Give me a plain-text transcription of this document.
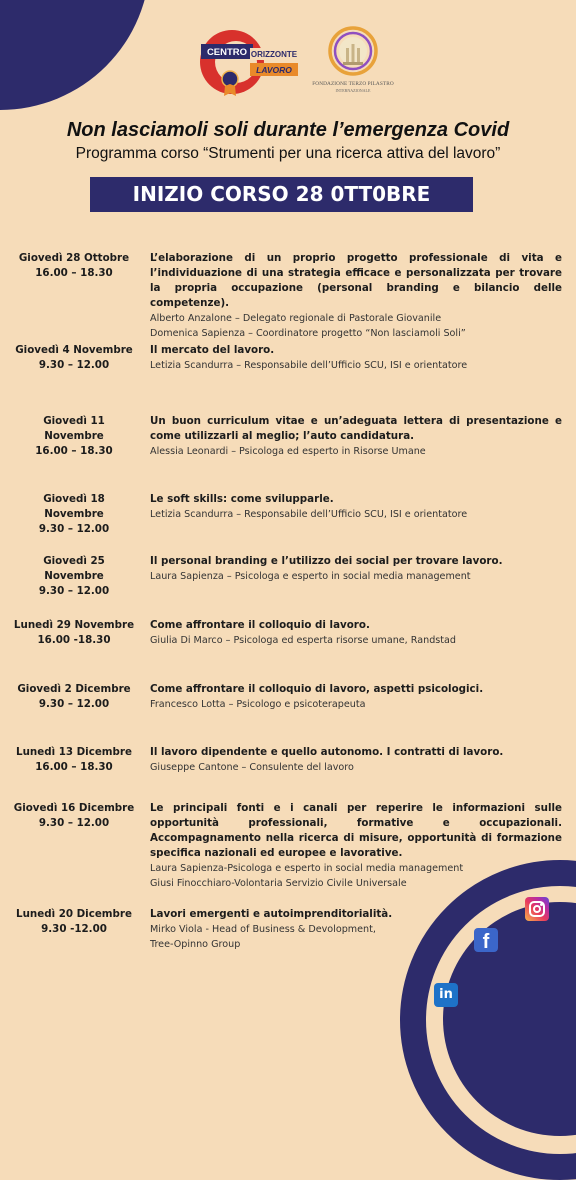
CENTRO ORIZZONTE
LAVORO
FONDAZIONE TERZO PILASTRO
INTERNAZIONALE
Non lasciamoli soli durante l’emergenza Covid
Programma corso “Strumenti per una ricerca attiva del lavoro”
INIZIO CORSO 28 0TT0BRE
Giovedì 28 Ottobre
16.00 – 18.30
L’elaborazione di un proprio progetto professionale di vita e l’individuazione di una strategia efficace e personalizzata per trovare la propria occupazione (personal branding e bilancio delle competenze).
Alberto Anzalone – Delegato regionale di Pastorale Giovanile
Domenica Sapienza – Coordinatore progetto “Non lasciamoli Soli”
Giovedì 4 Novembre
9.30 – 12.00
Il mercato del lavoro.
Letizia Scandurra – Responsabile dell’Ufficio SCU, ISI e orientatore
Giovedì 11 Novembre
16.00 – 18.30
Un buon curriculum vitae e un’adeguata lettera di presentazione e come utilizzarli al meglio; l’auto candidatura.
Alessia Leonardi – Psicologa ed esperto in Risorse Umane
Giovedì 18 Novembre
9.30 – 12.00
Le soft skills: come svilupparle.
Letizia Scandurra – Responsabile dell’Ufficio SCU, ISI e orientatore
Giovedì 25 Novembre
9.30 – 12.00
Il personal branding e l’utilizzo dei social per trovare lavoro.
Laura Sapienza – Psicologa e esperto in social media management
Lunedì 29 Novembre
16.00 -18.30
Come affrontare il colloquio di lavoro.
Giulia Di Marco – Psicologa ed esperta risorse umane, Randstad
Giovedì 2 Dicembre
9.30 – 12.00
Come affrontare il colloquio di lavoro, aspetti psicologici.
Francesco Lotta – Psicologo e psicoterapeuta
Lunedì 13 Dicembre
16.00 – 18.30
Il lavoro dipendente e quello autonomo. I contratti di lavoro.
Giuseppe Cantone – Consulente del lavoro
Giovedì 16 Dicembre
9.30 – 12.00
Le principali fonti e i canali per reperire le informazioni sulle opportunità professionali, formative e occupazionali. Accompagnamento nella ricerca di misure, opportunità di formazione specifica nazionali ed europee e lavorative.
Laura Sapienza-Psicologa e esperto in social media management
Giusi Finocchiaro-Volontaria Servizio Civile Universale
Lunedì 20 Dicembre
9.30 -12.00
Lavori emergenti e autoimprenditorialità.
Mirko Viola - Head of Business & Devolopment,
Tree-Opinno Group	f
in
